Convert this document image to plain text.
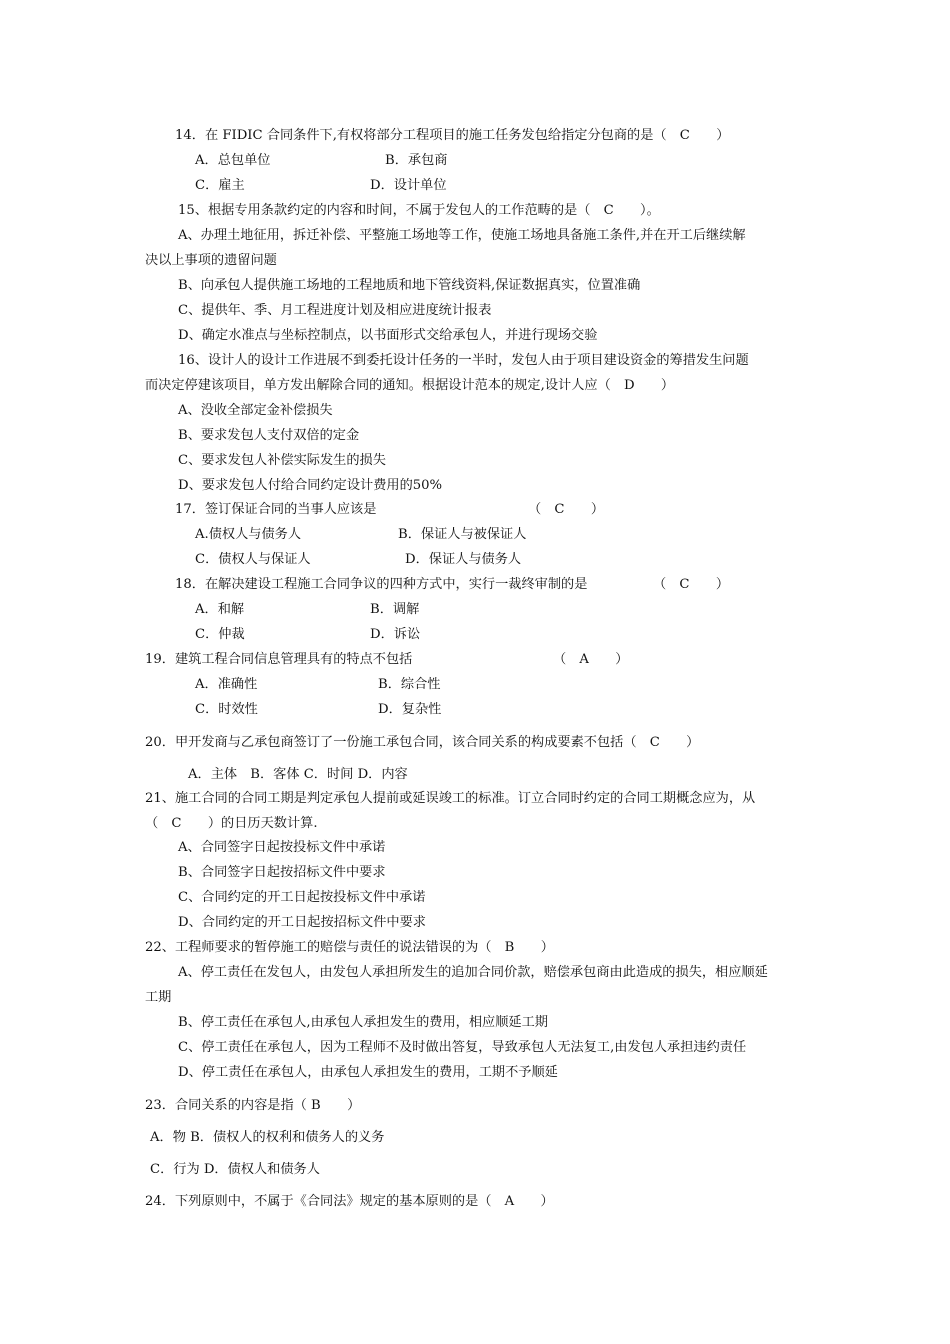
14．在 FIDIC 合同条件下,有权将部分工程项目的施工任务发包给指定分包商的是（　C　　）
A．总包单位	B．承包商
C．雇主	D．设计单位
15、根据专用条款约定的内容和时间，不属于发包人的工作范畴的是（　C　　）。
A、办理土地征用，拆迁补偿、平整施工场地等工作，使施工场地具备施工条件,并在开工后继续解
决以上事项的遗留问题
B、向承包人提供施工场地的工程地质和地下管线资料,保证数据真实，位置准确
C、提供年、季、月工程进度计划及相应进度统计报表
D、确定水准点与坐标控制点，以书面形式交给承包人，并进行现场交验
16、设计人的设计工作进展不到委托设计任务的一半时，发包人由于项目建设资金的筹措发生问题
而决定停建该项目，单方发出解除合同的通知。根据设计范本的规定,设计人应（　D　　）
A、没收全部定金补偿损失
B、要求发包人支付双倍的定金
C、要求发包人补偿实际发生的损失
D、要求发包人付给合同约定设计费用的50%
17．签订保证合同的当事人应该是	（　C　　）
A.债权人与债务人	B．保证人与被保证人
C．债权人与保证人	D．保证人与债务人
18．在解决建设工程施工合同争议的四种方式中，实行一裁终审制的是	（　C　　）
A．和解	B．调解
C．仲裁	D．诉讼
19．建筑工程合同信息管理具有的特点不包括	（　A　　）
A．准确性	B．综合性
C．时效性	D．复杂性
20．甲开发商与乙承包商签订了一份施工承包合同，该合同关系的构成要素不包括（　C　　）
A．主体　B．客体 C．时间 D．内容
21、施工合同的合同工期是判定承包人提前或延误竣工的标准。订立合同时约定的合同工期概念应为，从
（　C　　）的日历天数计算.
A、合同签字日起按投标文件中承诺
B、合同签字日起按招标文件中要求
C、合同约定的开工日起按投标文件中承诺
D、合同约定的开工日起按招标文件中要求
22、工程师要求的暂停施工的赔偿与责任的说法错误的为（　B　　）
A、停工责任在发包人，由发包人承担所发生的追加合同价款，赔偿承包商由此造成的损失，相应顺延
工期
B、停工责任在承包人,由承包人承担发生的费用，相应顺延工期
C、停工责任在承包人，因为工程师不及时做出答复，导致承包人无法复工,由发包人承担违约责任
D、停工责任在承包人，由承包人承担发生的费用，工期不予顺延
23．合同关系的内容是指（ B　　）
A．物 B．债权人的权利和债务人的义务
C．行为 D．债权人和债务人
24．下列原则中，不属于《合同法》规定的基本原则的是（　A　　）
